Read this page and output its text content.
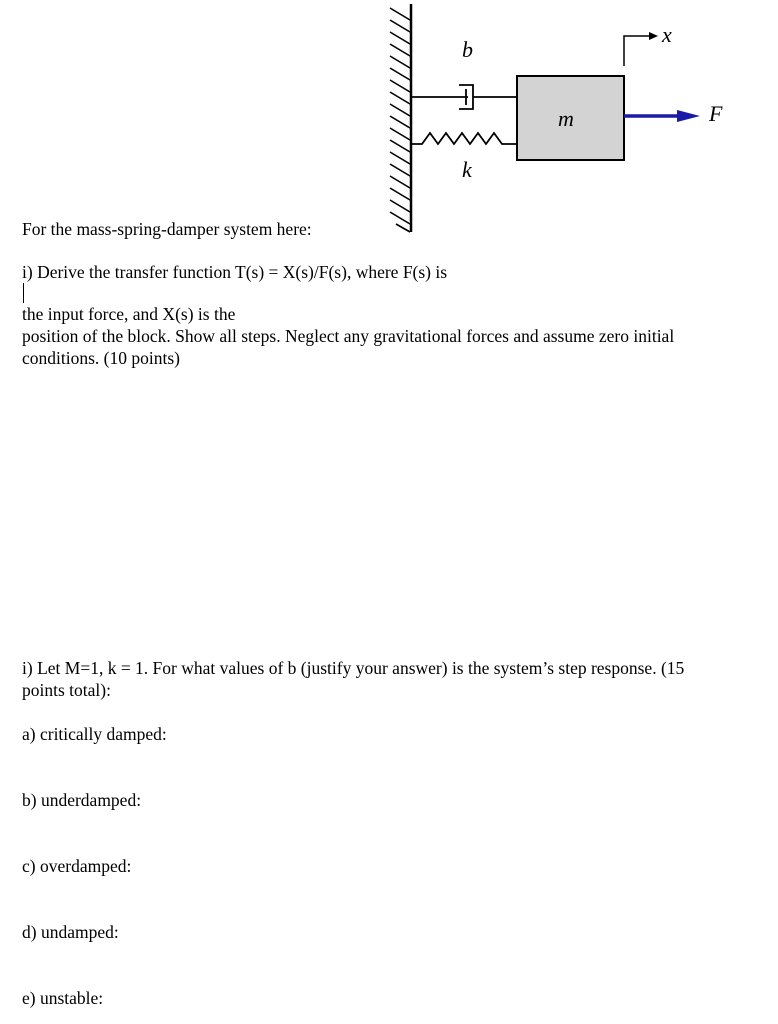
b
k
m	F
x
For the mass-spring-damper system here:
i) Derive the transfer function T(s) = X(s)/F(s), where F(s) is
the input force, and X(s) is the
position of the block. Show all steps. Neglect any gravitational forces and assume zero initial
conditions. (10 points)
i) Let M=1, k = 1. For what values of b (justify your answer) is the system’s step response. (15
points total):
a) critically damped:
b) underdamped:
c) overdamped:
d) undamped:
e) unstable:
